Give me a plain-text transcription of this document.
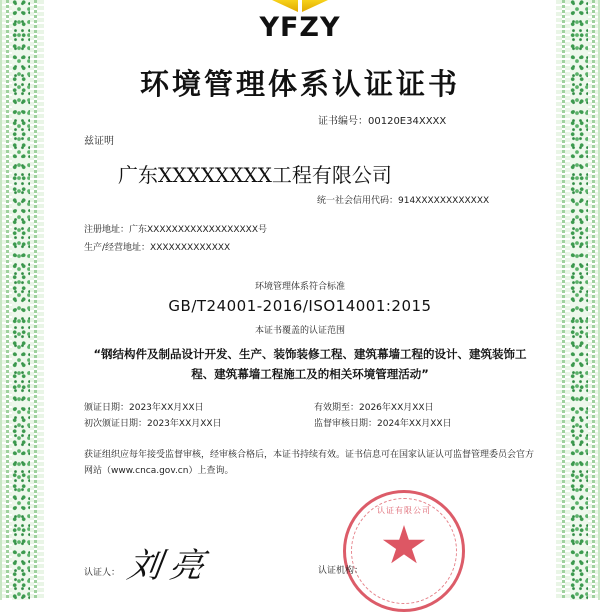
YFZY
环境管理体系认证证书
证书编号：00120E34XXXX
兹证明
广东XXXXXXXX工程有限公司
统一社会信用代码：914XXXXXXXXXXXX
注册地址：广东XXXXXXXXXXXXXXXXXX号
生产/经营地址：XXXXXXXXXXXXX
环境管理体系符合标准
GB/T24001-2016/ISO14001:2015
本证书覆盖的认证范围
“钢结构件及制品设计开发、生产、装饰装修工程、建筑幕墙工程的设计、建筑装饰工程、建筑幕墙工程施工及的相关环境管理活动”
颁证日期：2023年XX月XX日	有效期至：2026年XX月XX日
初次颁证日期：2023年XX月XX日	监督审核日期：2024年XX月XX日
获证组织应每年接受监督审核，经审核合格后，本证书持续有效。证书信息可在国家认证认可监督管理委员会官方网站（www.cnca.gov.cn）上查询。
认证人： 刘亮
认证有限公司
认证机构：
